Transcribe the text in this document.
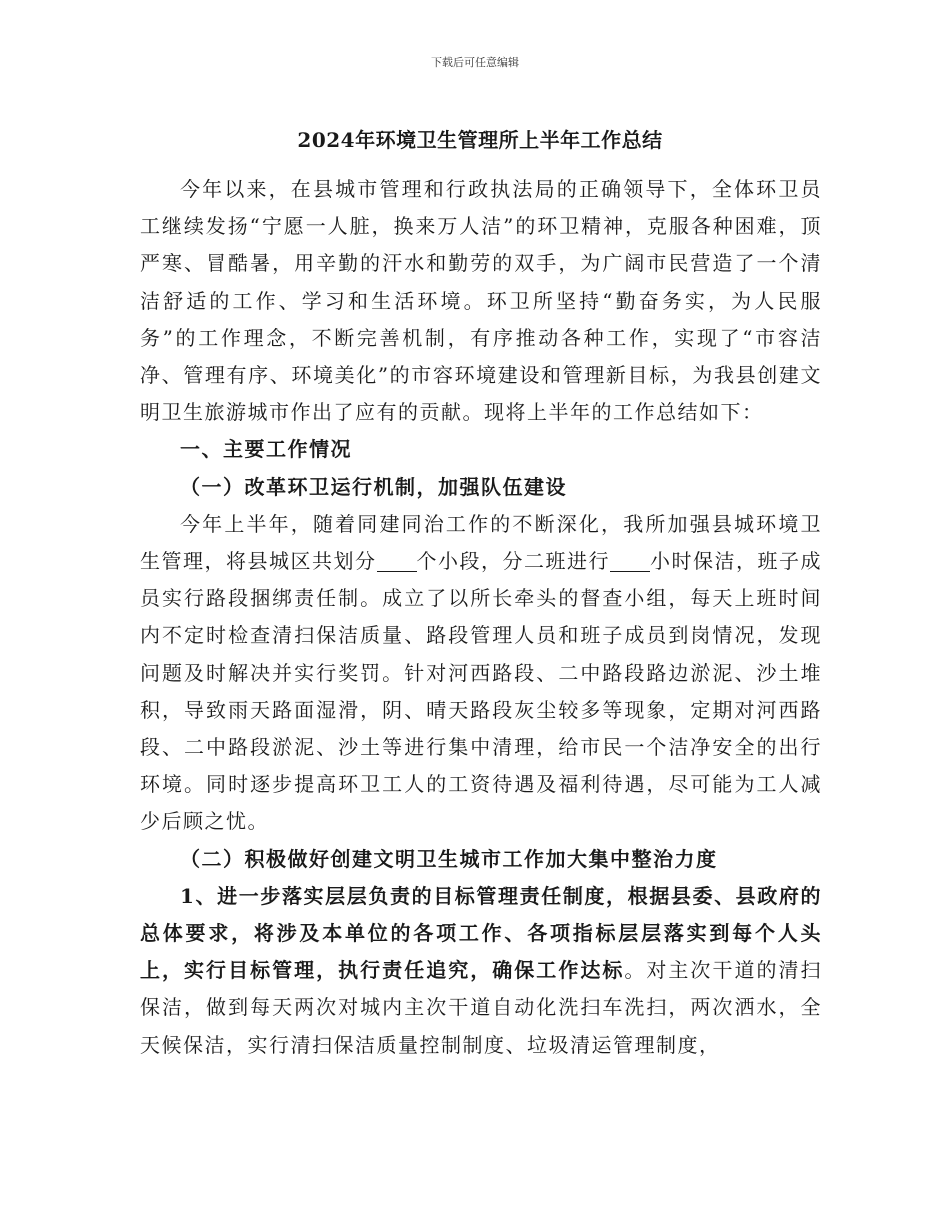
下载后可任意编辑
2024年环境卫生管理所上半年工作总结

今年以来，在县城市管理和行政执法局的正确领导下，全体环卫员工继续发扬“宁愿一人脏，换来万人洁”的环卫精神，克服各种困难，顶严寒、冒酷暑，用辛勤的汗水和勤劳的双手，为广阔市民营造了一个清洁舒适的工作、学习和生活环境。环卫所坚持“勤奋务实，为人民服务”的工作理念，不断完善机制，有序推动各种工作，实现了“市容洁净、管理有序、环境美化”的市容环境建设和管理新目标，为我县创建文明卫生旅游城市作出了应有的贡献。现将上半年的工作总结如下：

一、主要工作情况

（一）改革环卫运行机制，加强队伍建设

今年上半年，随着同建同治工作的不断深化，我所加强县城环境卫生管理，将县城区共划分 个小段，分二班进行 小时保洁，班子成员实行路段捆绑责任制。成立了以所长牵头的督查小组，每天上班时间内不定时检查清扫保洁质量、路段管理人员和班子成员到岗情况，发现问题及时解决并实行奖罚。针对河西路段、二中路段路边淤泥、沙土堆积，导致雨天路面湿滑，阴、晴天路段灰尘较多等现象，定期对河西路段、二中路段淤泥、沙土等进行集中清理，给市民一个洁净安全的出行环境。同时逐步提高环卫工人的工资待遇及福利待遇，尽可能为工人减少后顾之忧。

（二）积极做好创建文明卫生城市工作加大集中整治力度

1、进一步落实层层负责的目标管理责任制度，根据县委、县政府的总体要求，将涉及本单位的各项工作、各项指标层层落实到每个人头上，实行目标管理，执行责任追究，确保工作达标。对主次干道的清扫保洁，做到每天两次对城内主次干道自动化洗扫车洗扫，两次洒水，全天候保洁，实行清扫保洁质量控制制度、垃圾清运管理制度，
